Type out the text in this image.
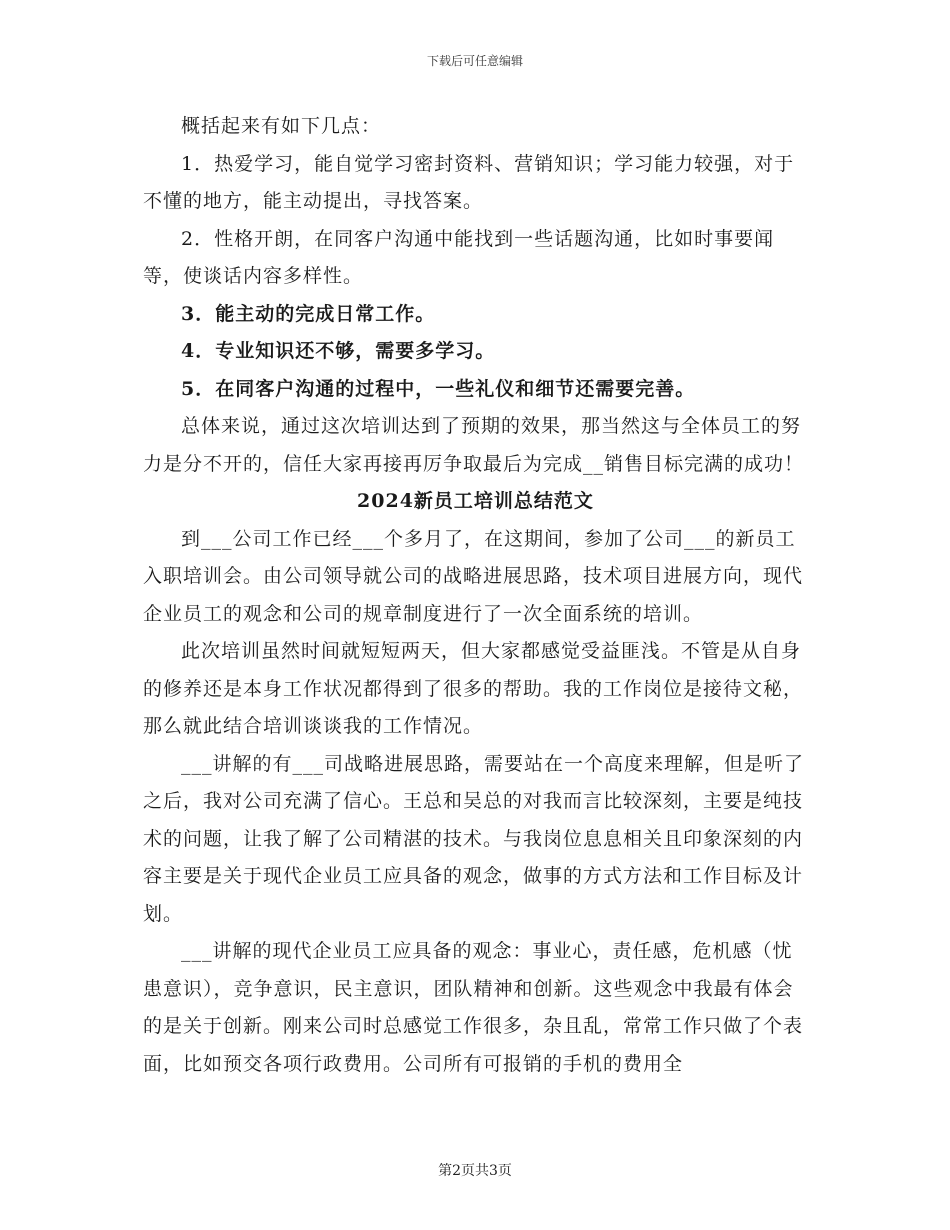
下载后可任意编辑

概括起来有如下几点：

1．热爱学习，能自觉学习密封资料、营销知识；学习能力较强，对于不懂的地方，能主动提出，寻找答案。

2．性格开朗，在同客户沟通中能找到一些话题沟通，比如时事要闻等，使谈话内容多样性。

3．能主动的完成日常工作。

4．专业知识还不够，需要多学习。

5．在同客户沟通的过程中，一些礼仪和细节还需要完善。

总体来说，通过这次培训达到了预期的效果，那当然这与全体员工的努力是分不开的，信任大家再接再厉争取最后为完成__销售目标完满的成功！

2024新员工培训总结范文

到___公司工作已经___个多月了，在这期间，参加了公司___的新员工入职培训会。由公司领导就公司的战略进展思路，技术项目进展方向，现代企业员工的观念和公司的规章制度进行了一次全面系统的培训。

此次培训虽然时间就短短两天，但大家都感觉受益匪浅。不管是从自身的修养还是本身工作状况都得到了很多的帮助。我的工作岗位是接待文秘，那么就此结合培训谈谈我的工作情况。

___讲解的有___司战略进展思路，需要站在一个高度来理解，但是听了之后，我对公司充满了信心。王总和吴总的对我而言比较深刻，主要是纯技术的问题，让我了解了公司精湛的技术。与我岗位息息相关且印象深刻的内容主要是关于现代企业员工应具备的观念，做事的方式方法和工作目标及计划。

___讲解的现代企业员工应具备的观念：事业心，责任感，危机感（忧患意识），竞争意识，民主意识，团队精神和创新。这些观念中我最有体会的是关于创新。刚来公司时总感觉工作很多，杂且乱，常常工作只做了个表面，比如预交各项行政费用。公司所有可报销的手机的费用全

第2页共3页
